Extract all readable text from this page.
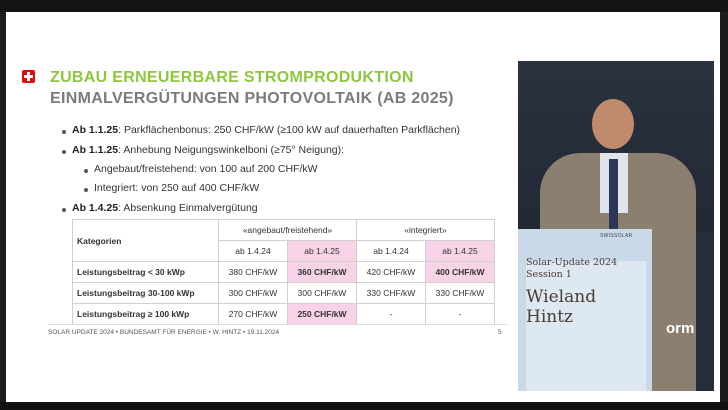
ZUBAU ERNEUERBARE STROMPRODUKTION
EINMALVERGÜTUNGEN PHOTOVOLTAIK (AB 2025)
Ab 1.1.25: Parkflächenbonus: 250 CHF/kW (≥100 kW auf dauerhaften Parkflächen)
Ab 1.1.25: Anhebung Neigungswinkelboni (≥75° Neigung):
Angebaut/freistehend: von 100 auf 200 CHF/kW
Integriert: von 250 auf 400 CHF/kW
Ab 1.4.25: Absenkung Einmalvergütung
Kategorien	«angebaut/freistehend»		«integriert»	
	ab 1.4.24	ab 1.4.25	ab 1.4.24	ab 1.4.25
Leistungsbeitrag < 30 kWp	380 CHF/kW	360 CHF/kW	420 CHF/kW	400 CHF/kW
Leistungsbeitrag 30-100 kWp	300 CHF/kW	300 CHF/kW	330 CHF/kW	330 CHF/kW
Leistungsbeitrag ≥ 100 kWp	270 CHF/kW	250 CHF/kW	-	-
SOLAR UPDATE 2024 • BUNDESAMT FÜR ENERGIE • W. HINTZ • 19.11.2024	5
SWISSOLAR
Solar-Update 2024
Session 1
Wieland
Hintz
orm
